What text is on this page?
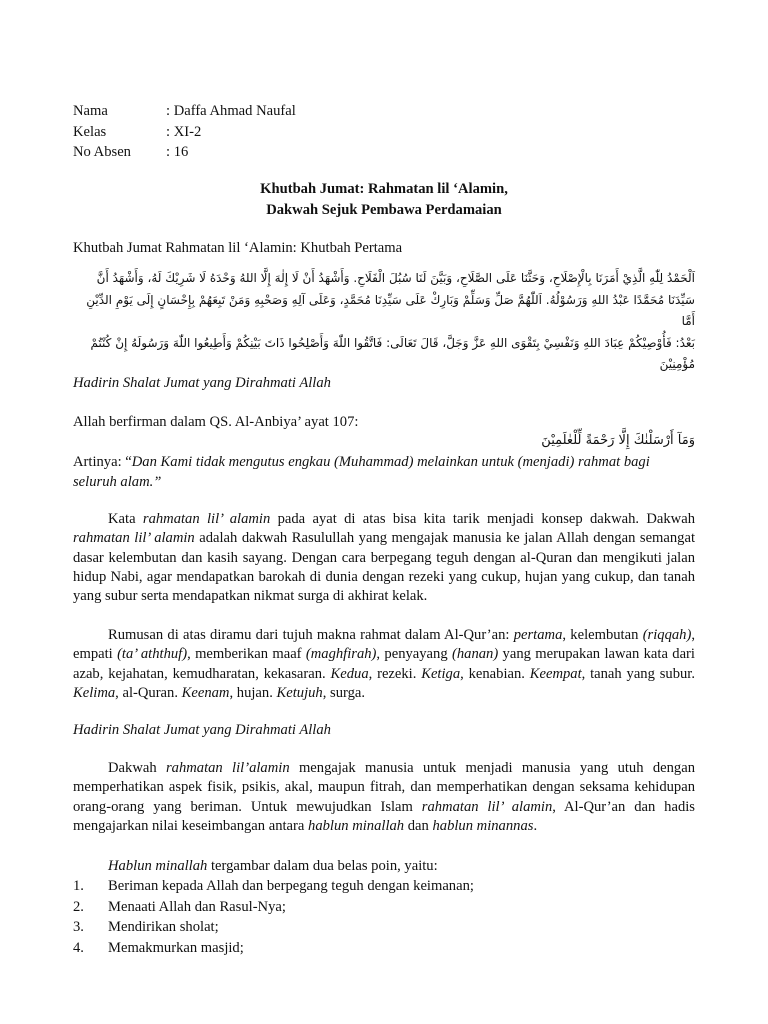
Nama	: Daffa Ahmad Naufal
Kelas	: XI-2
No Absen	: 16
Khutbah Jumat: Rahmatan lil ‘Alamin,
Dakwah Sejuk Pembawa Perdamaian
Khutbah Jumat Rahmatan lil ‘Alamin: Khutbah Pertama

اَلْحَمْدُ لِلّٰهِ الَّذِيْ أَمَرَنَا بِالْإِصْلَاحِ، وَحَثَّنَا عَلَى الصَّلَاحِ، وَبَيَّنَ لَنَا سُبُلَ الْفَلَاحِ. وَأَشْهَدُ أَنْ لَا إِلٰهَ إِلَّا اللهُ وَحْدَهُ لَا شَرِيْكَ لَهُ، وَأَشْهَدُ أَنَّ

سَيِّدَنَا مُحَمَّدًا عَبْدُ اللهِ وَرَسُوْلُهُ. اَللّٰهُمَّ صَلِّ وَسَلِّمْ وَبَارِكْ عَلَى سَيِّدِنَا مُحَمَّدٍ، وَعَلَى آلِهِ وَصَحْبِهِ وَمَنْ تَبِعَهُمْ بِإِحْسَانٍ إِلَى يَوْمِ الدِّيْنِ أَمَّا

بَعْدُ: فَأُوْصِيْكُمْ عِبَادَ اللهِ وَنَفْسِيْ بِتَقْوَى اللهِ عَزَّ وَجَلَّ، قَالَ تَعَالَى: فَاتَّقُوا اللّٰهَ وَأَصْلِحُوا ذَاتَ بَيْنِكُمْ وَأَطِيعُوا اللّٰهَ وَرَسُولَهُ إِنْ كُنْتُمْ

مُؤْمِنِيْنَ

Hadirin Shalat Jumat yang Dirahmati Allah
Allah berfirman dalam QS. Al-Anbiya’ ayat 107:
وَمَآ أَرْسَلْنٰكَ إِلَّا رَحْمَةً لِّلْعٰلَمِيْنَ
Artinya: “Dan Kami tidak mengutus engkau (Muhammad) melainkan untuk (menjadi) rahmat bagi seluruh alam.”

Kata rahmatan lil’ alamin pada ayat di atas bisa kita tarik menjadi konsep dakwah. Dakwah rahmatan lil’ alamin adalah dakwah Rasulullah yang mengajak manusia ke jalan Allah dengan semangat dasar kelembutan dan kasih sayang. Dengan cara berpegang teguh dengan al-Quran dan mengikuti jalan hidup Nabi, agar mendapatkan barokah di dunia dengan rezeki yang cukup, hujan yang cukup, dan tanah yang subur serta mendapatkan nikmat surga di akhirat kelak.

Rumusan di atas diramu dari tujuh makna rahmat dalam Al-Qur’an: pertama, kelembutan (riqqah), empati (ta’ aththuf), memberikan maaf (maghfirah), penyayang (hanan) yang merupakan lawan kata dari azab, kejahatan, kemudharatan, kekasaran. Kedua, rezeki. Ketiga, kenabian. Keempat, tanah yang subur. Kelima, al-Quran. Keenam, hujan. Ketujuh, surga.

Hadirin Shalat Jumat yang Dirahmati Allah

Dakwah rahmatan lil’alamin mengajak manusia untuk menjadi manusia yang utuh dengan memperhatikan aspek fisik, psikis, akal, maupun fitrah, dan memperhatikan dengan seksama kehidupan orang-orang yang beriman. Untuk mewujudkan Islam rahmatan lil’ alamin, Al-Qur’an dan hadis mengajarkan nilai keseimbangan antara hablun minallah dan hablun minannas.

Hablun minallah tergambar dalam dua belas poin, yaitu:

1.	Beriman kepada Allah dan berpegang teguh dengan keimanan;
2.	Menaati Allah dan Rasul-Nya;
3.	Mendirikan sholat;
4.	Memakmurkan masjid;
